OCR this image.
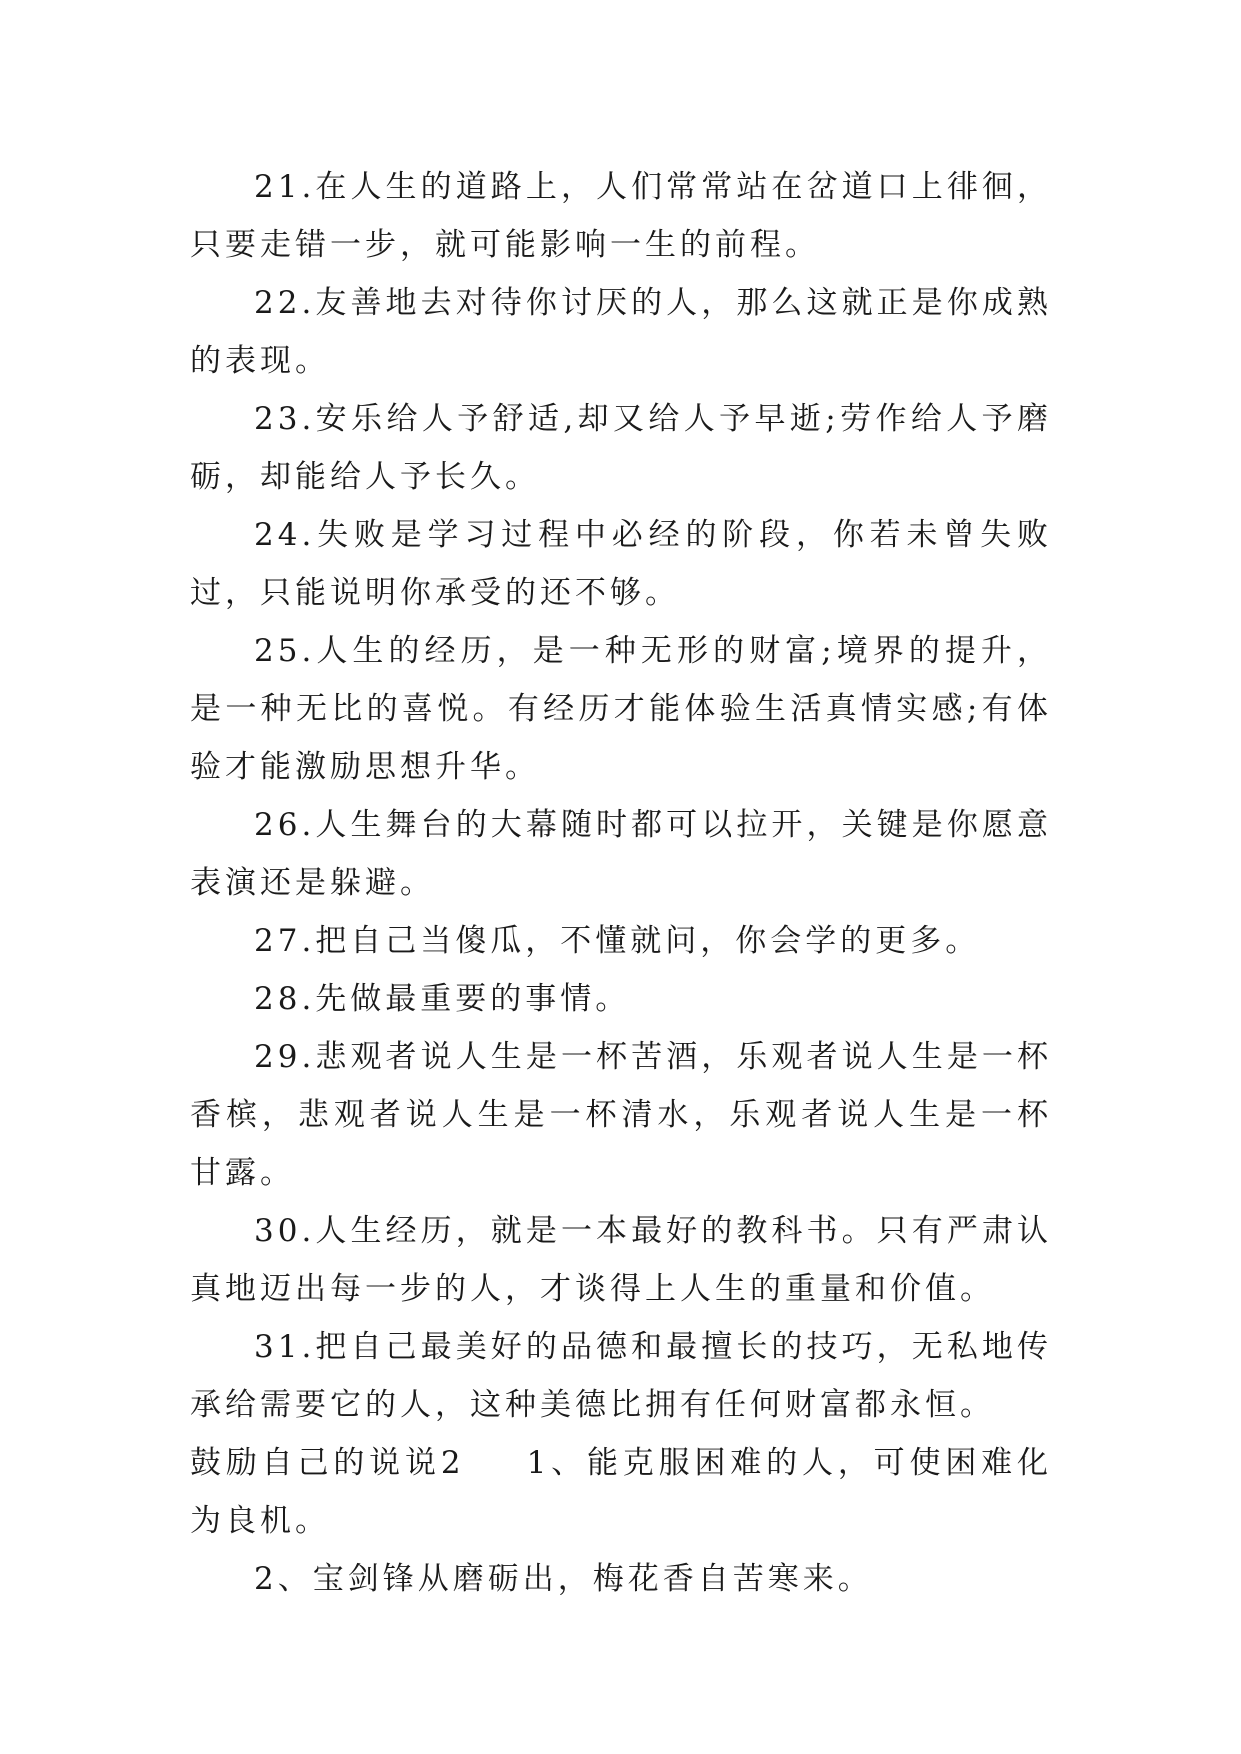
21.在人生的道路上，人们常常站在岔道口上徘徊，只要走错一步，就可能影响一生的前程。

22.友善地去对待你讨厌的人，那么这就正是你成熟的表现。

23.安乐给人予舒适,却又给人予早逝;劳作给人予磨砺，却能给人予长久。

24.失败是学习过程中必经的阶段，你若未曾失败过，只能说明你承受的还不够。

25.人生的经历，是一种无形的财富;境界的提升，是一种无比的喜悦。有经历才能体验生活真情实感;有体验才能激励思想升华。

26.人生舞台的大幕随时都可以拉开，关键是你愿意表演还是躲避。

27.把自己当傻瓜，不懂就问，你会学的更多。

28.先做最重要的事情。

29.悲观者说人生是一杯苦酒，乐观者说人生是一杯香槟，悲观者说人生是一杯清水，乐观者说人生是一杯甘露。

30.人生经历，就是一本最好的教科书。只有严肃认真地迈出每一步的人，才谈得上人生的重量和价值。

31.把自己最美好的品德和最擅长的技巧，无私地传承给需要它的人，这种美德比拥有任何财富都永恒。

鼓励自己的说说2 1、能克服困难的人，可使困难化为良机。

2、宝剑锋从磨砺出，梅花香自苦寒来。
